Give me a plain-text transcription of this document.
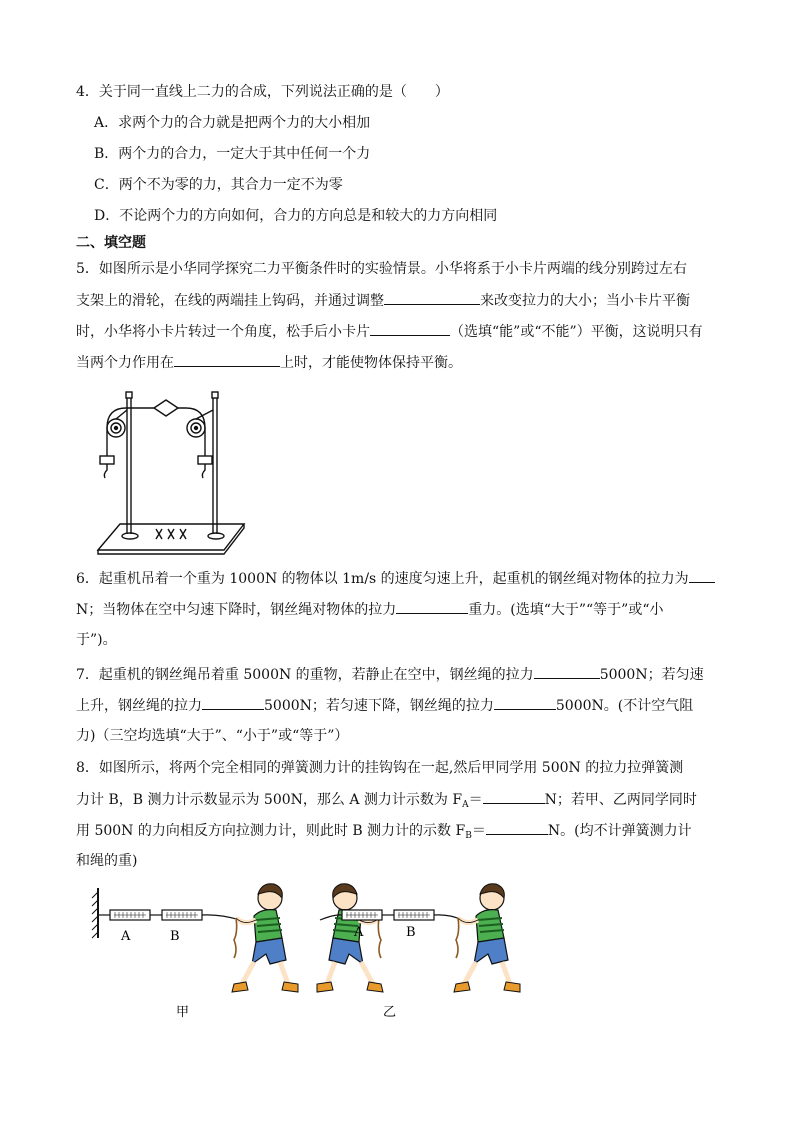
4．关于同一直线上二力的合成，下列说法正确的是（　　）
A．求两个力的合力就是把两个力的大小相加
B．两个力的合力，一定大于其中任何一个力
C．两个不为零的力，其合力一定不为零
D．不论两个力的方向如何，合力的方向总是和较大的力方向相同
二、填空题
5．如图所示是小华同学探究二力平衡条件时的实验情景。小华将系于小卡片两端的线分别跨过左右
支架上的滑轮，在线的两端挂上钩码，并通过调整	来改变拉力的大小；当小卡片平衡
时，小华将小卡片转过一个角度，松手后小卡片	（选填“能”或“不能”）平衡，这说明只有
当两个力作用在	上时，才能使物体保持平衡。
6．起重机吊着一个重为 1000N 的物体以 1m/s 的速度匀速上升，起重机的钢丝绳对物体的拉力为
N；当物体在空中匀速下降时，钢丝绳对物体的拉力	重力。(选填“大于”“等于”或“小
于”)。
7．起重机的钢丝绳吊着重 5000N 的重物，若静止在空中，钢丝绳的拉力	5000N；若匀速
上升，钢丝绳的拉力	5000N；若匀速下降，钢丝绳的拉力	5000N。(不计空气阻
力)（三空均选填“大于”、“小于”或“等于”）
8．如图所示，将两个完全相同的弹簧测力计的挂钩钩在一起,然后甲同学用 500N 的拉力拉弹簧测
力计 B，B 测力计示数显示为 500N，那么 A 测力计示数为 $F_A=$	N；若甲、乙两同学同时
用 500N 的力向相反方向拉测力计，则此时 B 测力计的示数 $F_B=$	N。(均不计弹簧测力计
和绳的重)
A	B	A	B
甲	乙
